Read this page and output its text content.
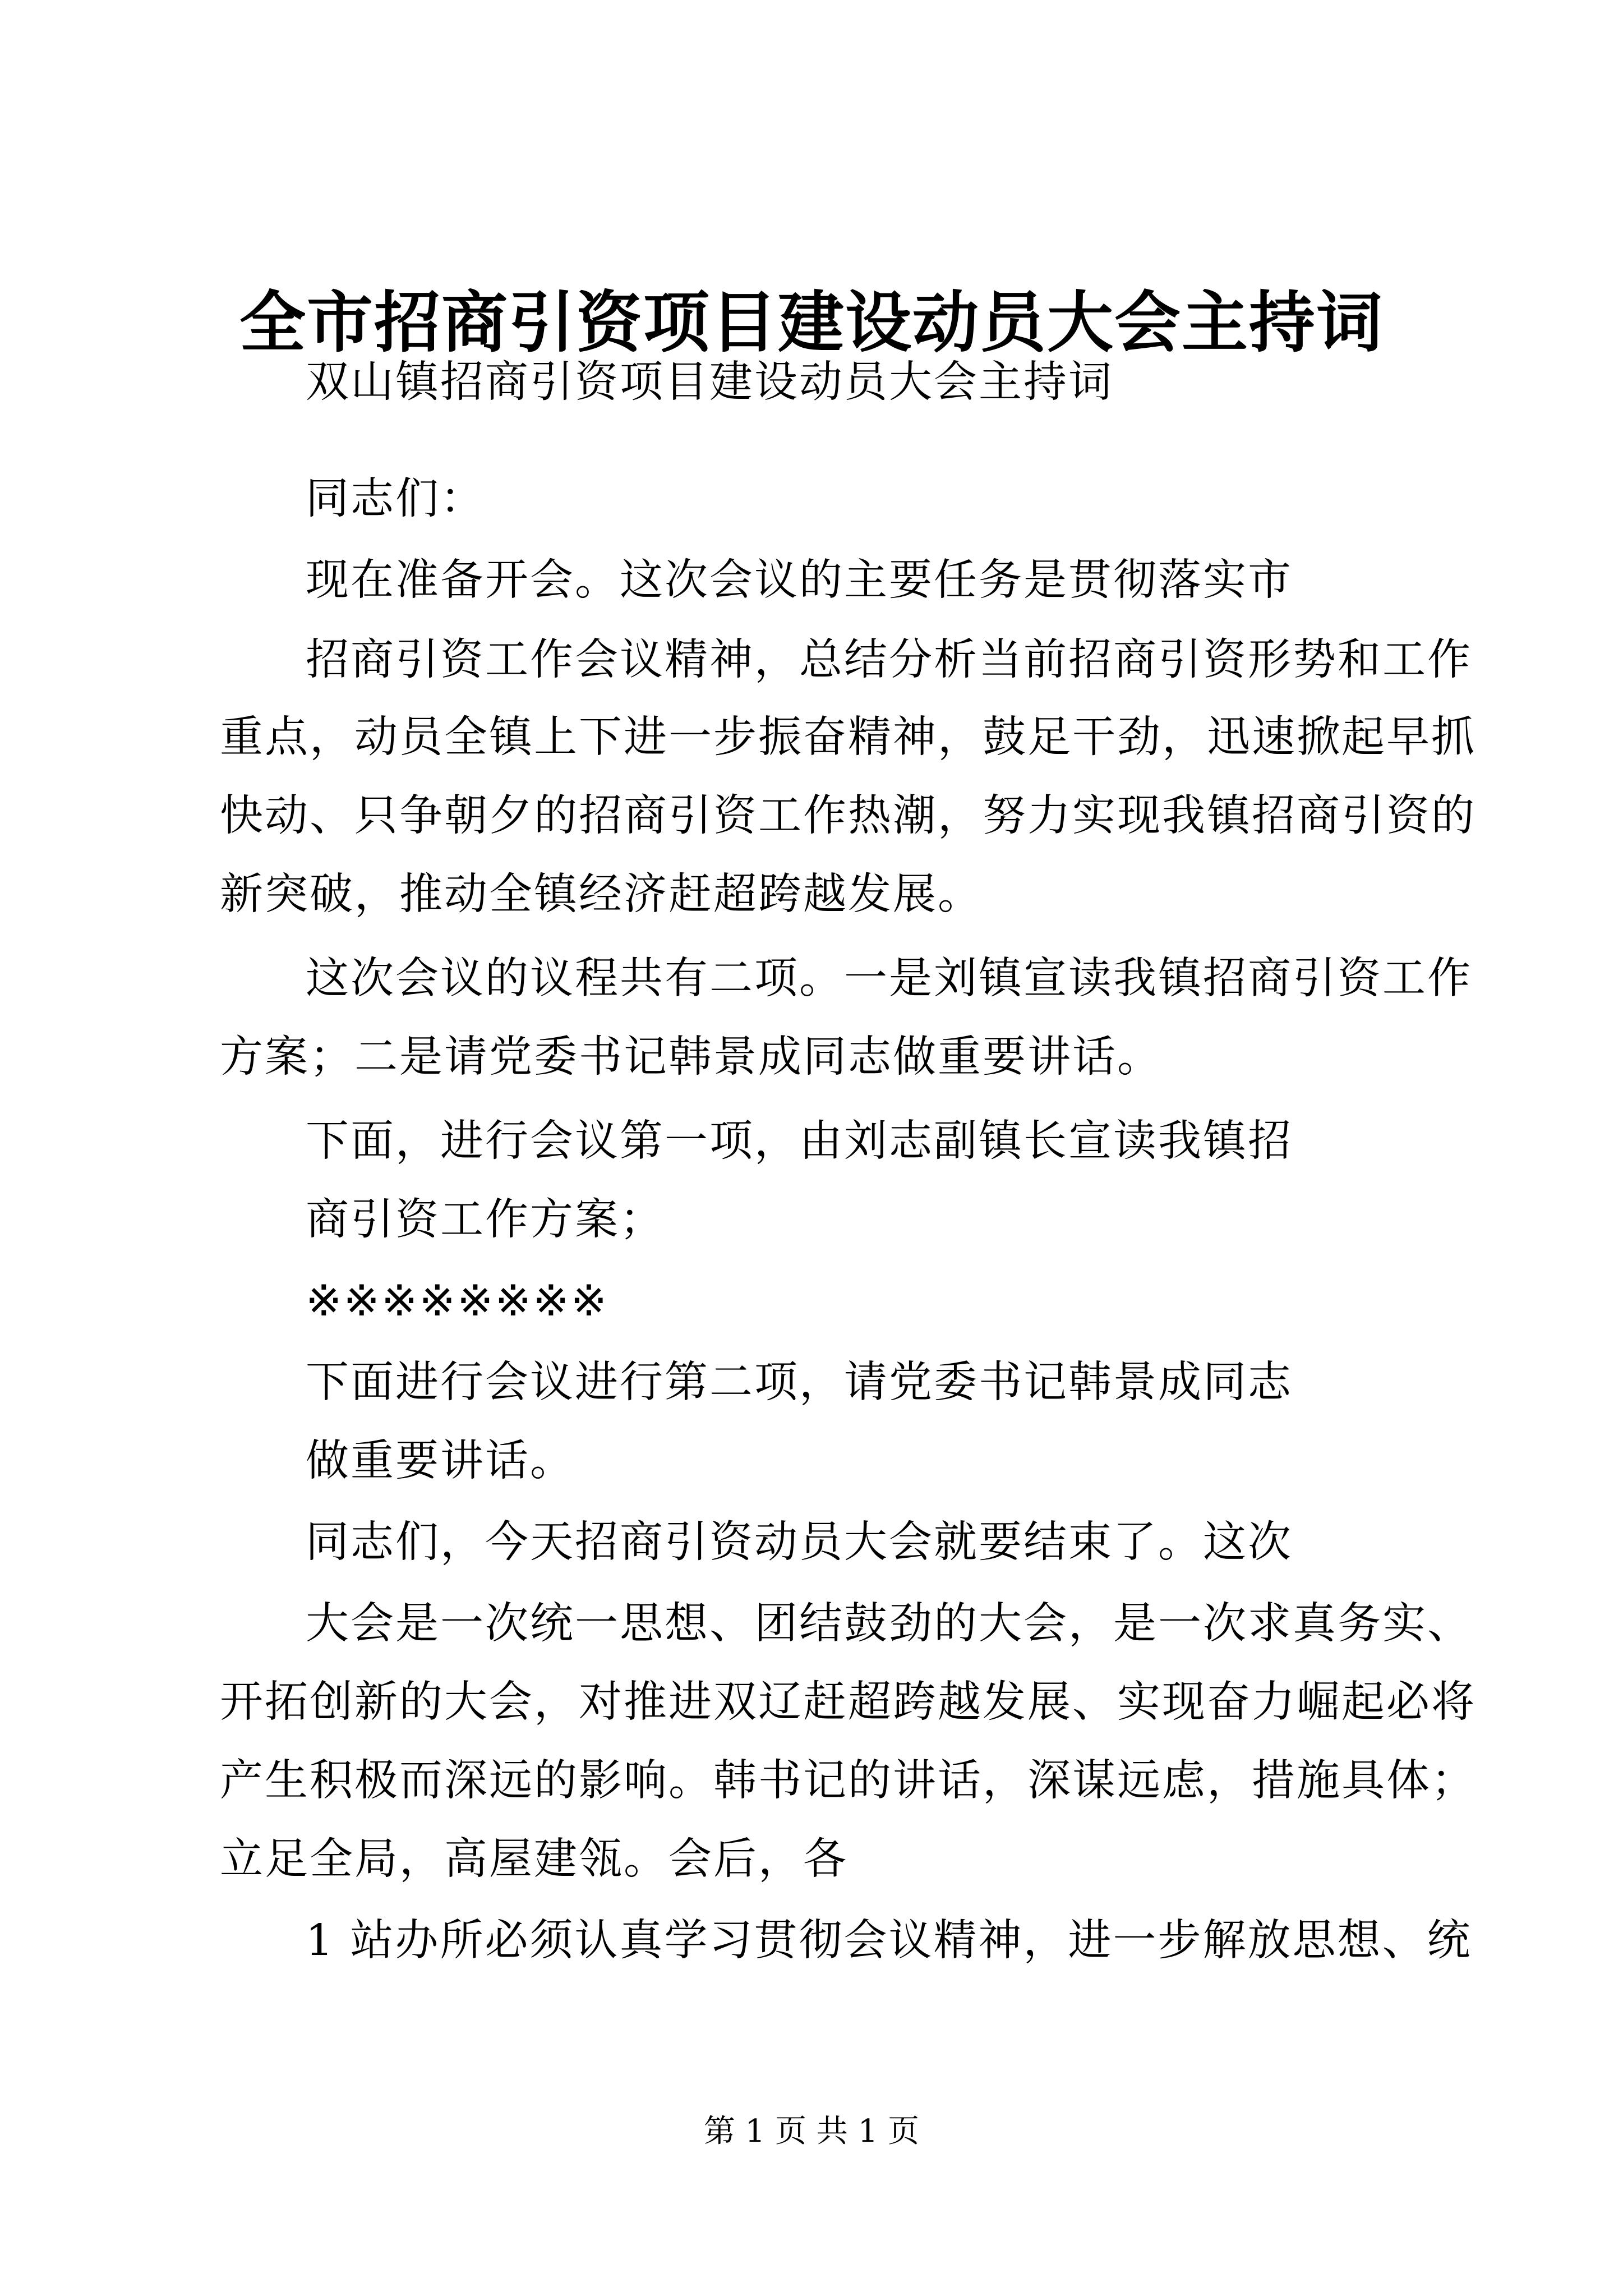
全市招商引资项目建设动员大会主持词

双山镇招商引资项目建设动员大会主持词

同志们：

现在准备开会。这次会议的主要任务是贯彻落实市

招商引资工作会议精神，总结分析当前招商引资形势和工作

重点，动员全镇上下进一步振奋精神，鼓足干劲，迅速掀起早抓

快动、只争朝夕的招商引资工作热潮，努力实现我镇招商引资的

新突破，推动全镇经济赶超跨越发展。

这次会议的议程共有二项。一是刘镇宣读我镇招商引资工作

方案；二是请党委书记韩景成同志做重要讲话。

下面，进行会议第一项，由刘志副镇长宣读我镇招

商引资工作方案；

※※※※※※※※

下面进行会议进行第二项，请党委书记韩景成同志

做重要讲话。

同志们，今天招商引资动员大会就要结束了。这次

大会是一次统一思想、团结鼓劲的大会，是一次求真务实、

开拓创新的大会，对推进双辽赶超跨越发展、实现奋力崛起必将

产生积极而深远的影响。韩书记的讲话，深谋远虑，措施具体；

立足全局，高屋建瓴。会后，各

1 站办所必须认真学习贯彻会议精神，进一步解放思想、统

第 1 页 共 1 页
